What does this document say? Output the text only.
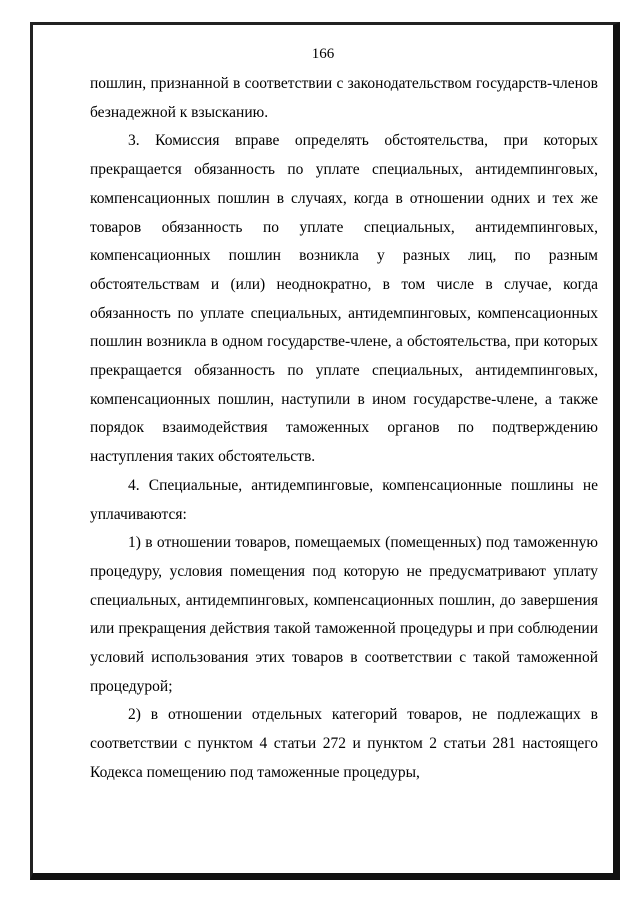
166

пошлин, признанной в соответствии с законодательством государств-членов безнадежной к взысканию.

3. Комиссия вправе определять обстоятельства, при которых прекращается обязанность по уплате специальных, антидемпинговых, компенсационных пошлин в случаях, когда в отношении одних и тех же товаров обязанность по уплате специальных, антидемпинговых, компенсационных пошлин возникла у разных лиц, по разным обстоятельствам и (или) неоднократно, в том числе в случае, когда обязанность по уплате специальных, антидемпинговых, компенсационных пошлин возникла в одном государстве-члене, а обстоятельства, при которых прекращается обязанность по уплате специальных, антидемпинговых, компенсационных пошлин, наступили в ином государстве-члене, а также порядок взаимодействия таможенных органов по подтверждению наступления таких обстоятельств.

4. Специальные, антидемпинговые, компенсационные пошлины не уплачиваются:

1) в отношении товаров, помещаемых (помещенных) под таможенную процедуру, условия помещения под которую не предусматривают уплату специальных, антидемпинговых, компенсационных пошлин, до завершения или прекращения действия такой таможенной процедуры и при соблюдении условий использования этих товаров в соответствии с такой таможенной процедурой;

2) в отношении отдельных категорий товаров, не подлежащих в соответствии с пунктом 4 статьи 272 и пунктом 2 статьи 281 настоящего Кодекса помещению под таможенные процедуры,
